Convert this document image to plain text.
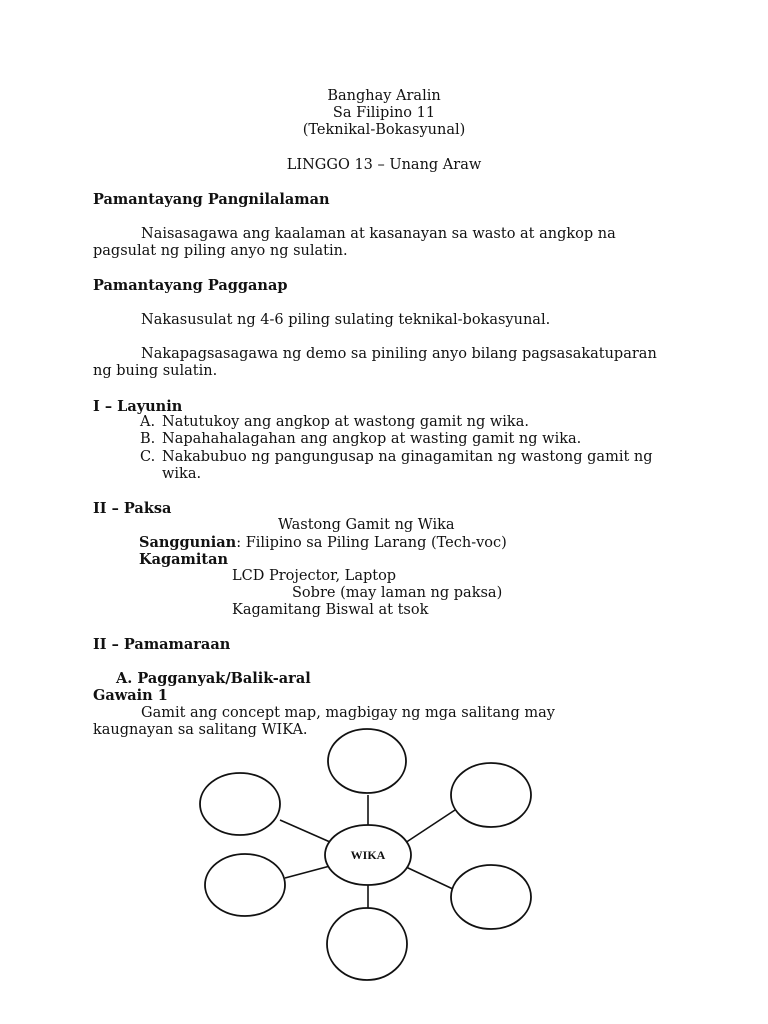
Banghay Aralin
Sa Filipino 11
(Teknikal-Bokasyunal)
LINGGO 13 – Unang Araw
Pamantayang Pangnilalaman
Naisasagawa ang kaalaman at kasanayan sa wasto at angkop na
pagsulat ng piling anyo ng sulatin.
Pamantayang Pagganap
Nakasusulat ng 4-6 piling sulating teknikal-bokasyunal.
Nakapagsasagawa ng demo sa piniling anyo bilang pagsasakatuparan
ng buing sulatin.
I – Layunin
A. Natutukoy ang angkop at wastong gamit ng wika.
B. Napahahalagahan ang angkop at wasting gamit ng wika.
C. Nakabubuo ng pangungusap na ginagamitan ng wastong gamit ng
wika.
II – Paksa
Wastong Gamit ng Wika
Sanggunian: Filipino sa Piling Larang (Tech-voc)
Kagamitan
LCD Projector, Laptop
Sobre (may laman ng paksa)
Kagamitang Biswal at tsok
II – Pamamaraan
A. Pagganyak/Balik-aral
Gawain 1
Gamit ang concept map, magbigay ng mga salitang may
kaugnayan sa salitang WIKA.
WIKA
